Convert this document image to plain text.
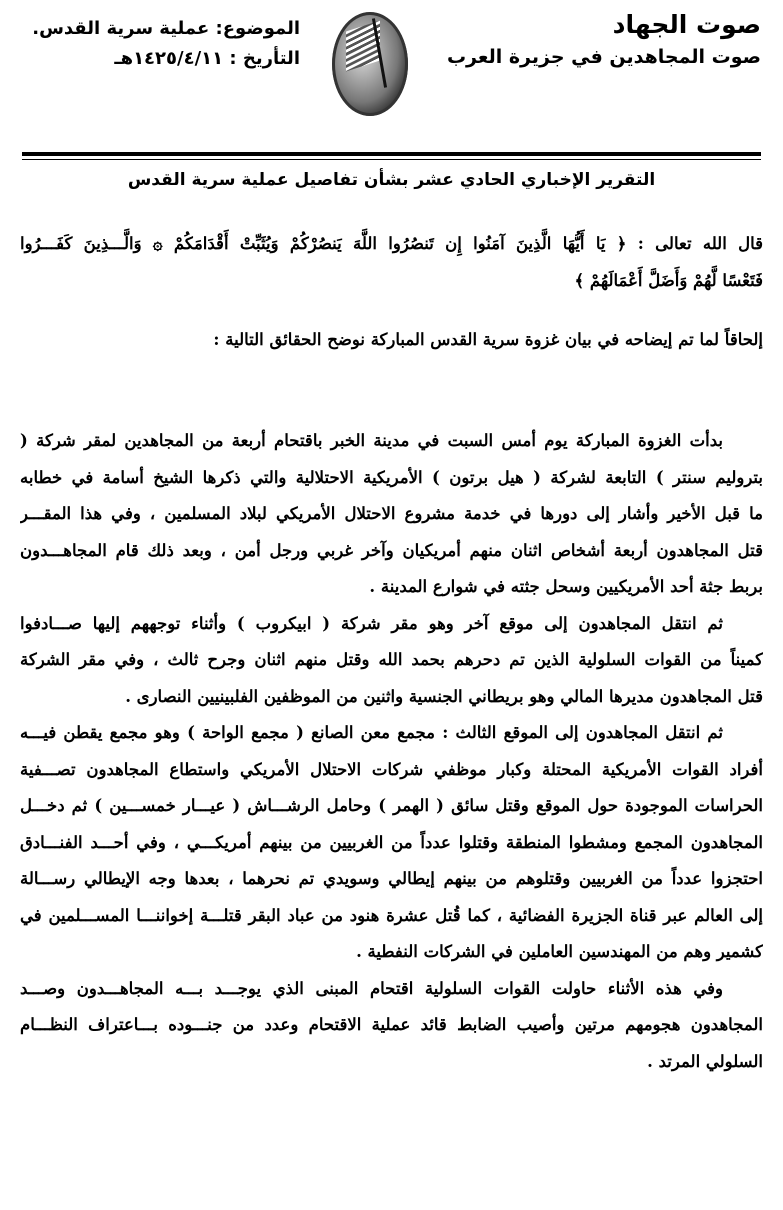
صوت الجهاد
صوت المجاهدين في جزيرة العرب
الموضوع: عملية سرية القدس.
التأريخ : ١٤٢٥/٤/١١هـ
التقرير الإخباري الحادي عشر بشأن تفاصيل عملية سرية القدس
قال الله تعالى : ﴿ يَا أَيُّهَا الَّذِينَ آمَنُوا إِن تَنصُرُوا اللَّهَ يَنصُرْكُمْ وَيُثَبِّتْ أَقْدَامَكُمْ ۞ وَالَّـــذِينَ كَفَـــرُوا
فَتَعْسًا لَّهُمْ وَأَضَلَّ أَعْمَالَهُمْ ﴾
إلحاقاً لما تم إيضاحه في بيان غزوة سرية القدس المباركة نوضح الحقائق التالية :
بدأت الغزوة المباركة يوم أمس السبت في مدينة الخبر باقتحام أربعة من المجاهدين لمقر شركة (
بتروليم سنتر ) التابعة لشركة ( هيل برتون ) الأمريكية الاحتلالية والتي ذكرها الشيخ أسامة في خطابه
ما قبل الأخير وأشار إلى دورها في خدمة مشروع الاحتلال الأمريكي لبلاد المسلمين ، وفي هذا المقـــر
قتل المجاهدون أربعة أشخاص اثنان منهم أمريكيان وآخر غربي ورجل أمن ، وبعد ذلك قام المجاهـــدون
بربط جثة أحد الأمريكيين وسحل جثته في شوارع المدينة .
ثم انتقل المجاهدون إلى موقع آخر وهو مقر شركة ( ابيكروب ) وأثناء توجههم إليها صـــادفوا
كميناً من القوات السلولية الذين تم دحرهم بحمد الله وقتل منهم اثنان وجرح ثالث ، وفي مقر الشركة
قتل المجاهدون مديرها المالي وهو بريطاني الجنسية واثنين من الموظفين الفلبينيين النصارى .
ثم انتقل المجاهدون إلى الموقع الثالث : مجمع معن الصانع ( مجمع الواحة ) وهو مجمع يقطن فيـــه
أفراد القوات الأمريكية المحتلة وكبار موظفي شركات الاحتلال الأمريكي واستطاع المجاهدون تصـــفية
الحراسات الموجودة حول الموقع وقتل سائق ( الهمر ) وحامل الرشـــاش ( عيـــار خمســـين ) ثم دخـــل
المجاهدون المجمع ومشطوا المنطقة وقتلوا عدداً من الغربيين من بينهم أمريكـــي ، وفي أحـــد الفنـــادق
احتجزوا عدداً من الغربيين وقتلوهم من بينهم إيطالي وسويدي تم نحرهما ، بعدها وجه الإيطالي رســـالة
إلى العالم عبر قناة الجزيرة الفضائية ، كما قُتل عشرة هنود من عباد البقر قتلـــة إخواننـــا المســـلمين في
كشمير وهم من المهندسين العاملين في الشركات النفطية .
وفي هذه الأثناء حاولت القوات السلولية اقتحام المبنى الذي يوجـــد بـــه المجاهـــدون وصـــد
المجاهدون هجومهم مرتين وأصيب الضابط قائد عملية الاقتحام وعدد من جنـــوده بـــاعتراف النظـــام
السلولي المرتد .
